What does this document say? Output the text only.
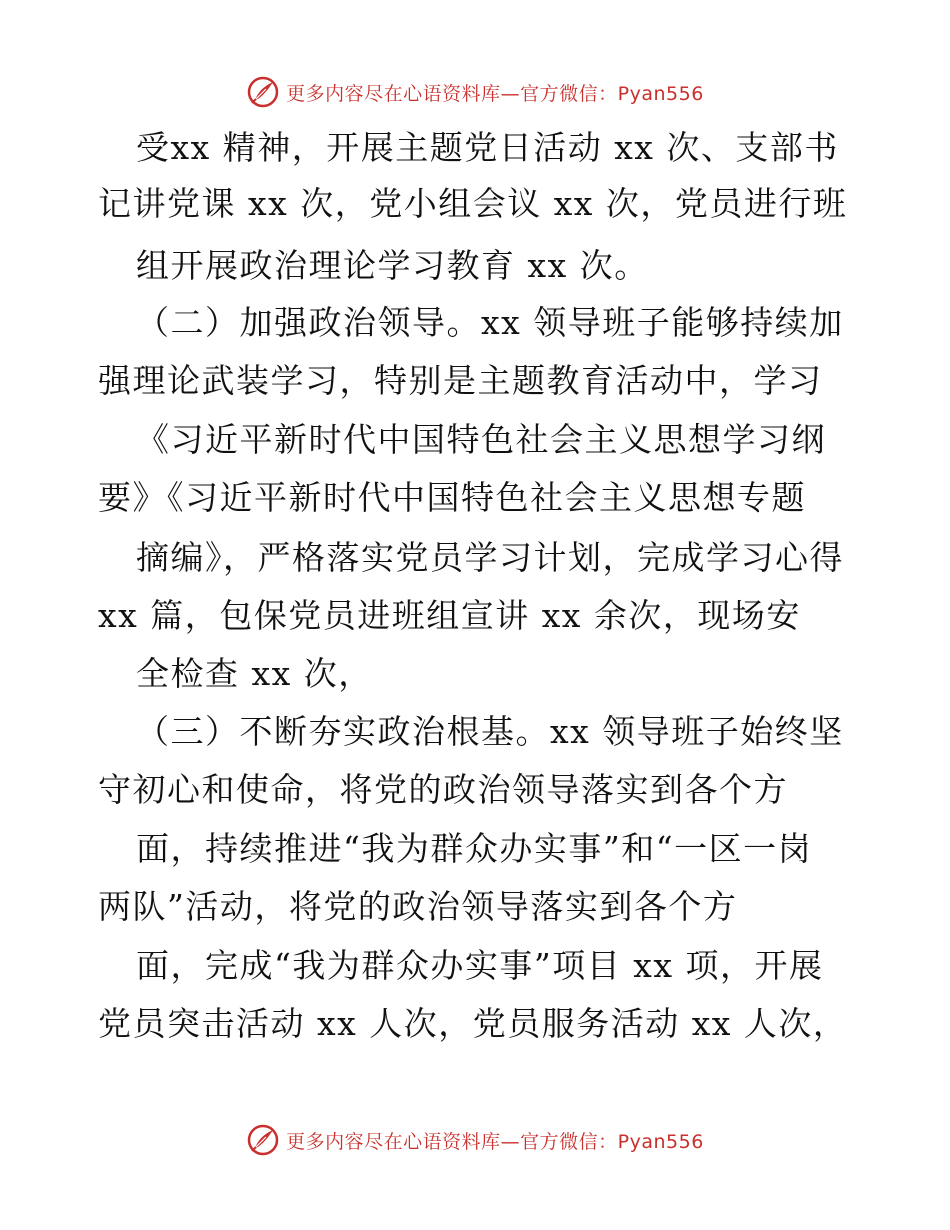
更多内容尽在心语资料库—官方微信：Pyan556
受xx 精神，开展主题党日活动 xx 次、支部书
记讲党课 xx 次，党小组会议 xx 次，党员进行班
组开展政治理论学习教育 xx 次。
（二）加强政治领导。xx 领导班子能够持续加
强理论武装学习，特别是主题教育活动中，学习
《习近平新时代中国特色社会主义思想学习纲
要》《习近平新时代中国特色社会主义思想专题
摘编》，严格落实党员学习计划，完成学习心得
xx 篇，包保党员进班组宣讲 xx 余次，现场安
全检查 xx 次，
（三）不断夯实政治根基。xx 领导班子始终坚
守初心和使命，将党的政治领导落实到各个方
面，持续推进“我为群众办实事”和“一区一岗
两队”活动，将党的政治领导落实到各个方
面，完成“我为群众办实事”项目 xx 项，开展
党员突击活动 xx 人次，党员服务活动 xx 人次，
更多内容尽在心语资料库—官方微信：Pyan556
